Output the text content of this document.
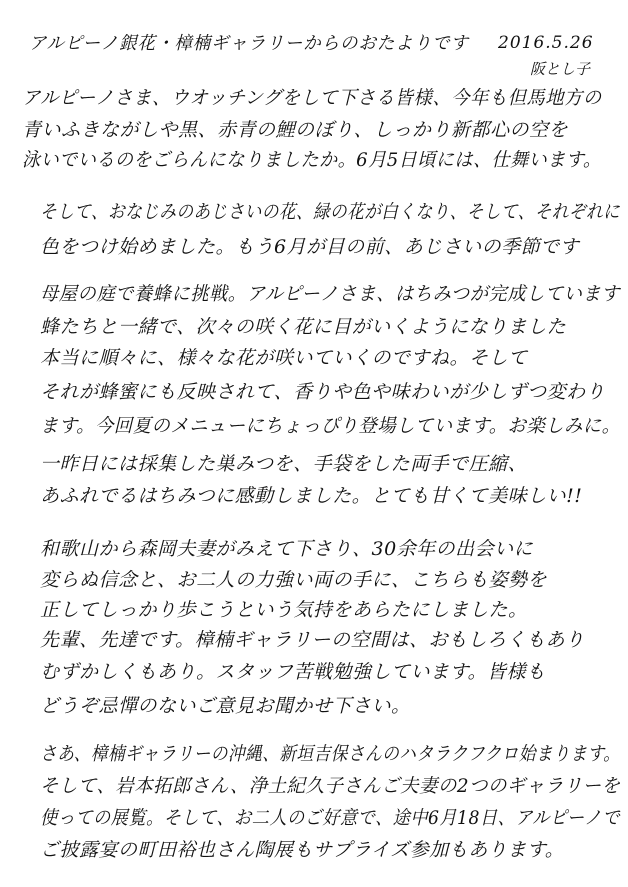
アルピーノ銀花・樟楠ギャラリーからのおたよりです 2016.5.26
阪とし子
アルピーノさま、ウオッチングをして下さる皆様、今年も但馬地方の
青いふきながしや黒、赤青の鯉のぼり、しっかり新都心の空を
泳いでいるのをごらんになりましたか。6月5日頃には、仕舞います。
そして、おなじみのあじさいの花、緑の花が白くなり、そして、それぞれに
色をつけ始めました。もう6月が目の前、あじさいの季節です
母屋の庭で養蜂に挑戦。アルピーノさま、はちみつが完成しています
蜂たちと一緒で、次々の咲く花に目がいくようになりました
本当に順々に、様々な花が咲いていくのですね。そして
それが蜂蜜にも反映されて、香りや色や味わいが少しずつ変わり
ます。今回夏のメニューにちょっぴり登場しています。お楽しみに。
一昨日には採集した巣みつを、手袋をした両手で圧縮、
あふれでるはちみつに感動しました。とても甘くて美味しい!!
和歌山から森岡夫妻がみえて下さり、30余年の出会いに
変らぬ信念と、お二人の力強い両の手に、こちらも姿勢を
正してしっかり歩こうという気持をあらたにしました。
先輩、先達です。樟楠ギャラリーの空間は、おもしろくもあり
むずかしくもあり。スタッフ苦戦勉強しています。皆様も
どうぞ忌憚のないご意見お聞かせ下さい。
さあ、樟楠ギャラリーの沖縄、新垣吉保さんのハタラクフクロ始まります。
そして、岩本拓郎さん、浄土紀久子さんご夫妻の2つのギャラリーを
使っての展覧。そして、お二人のご好意で、途中6月18日、アルピーノで
ご披露宴の町田裕也さん陶展もサプライズ参加もあります。
